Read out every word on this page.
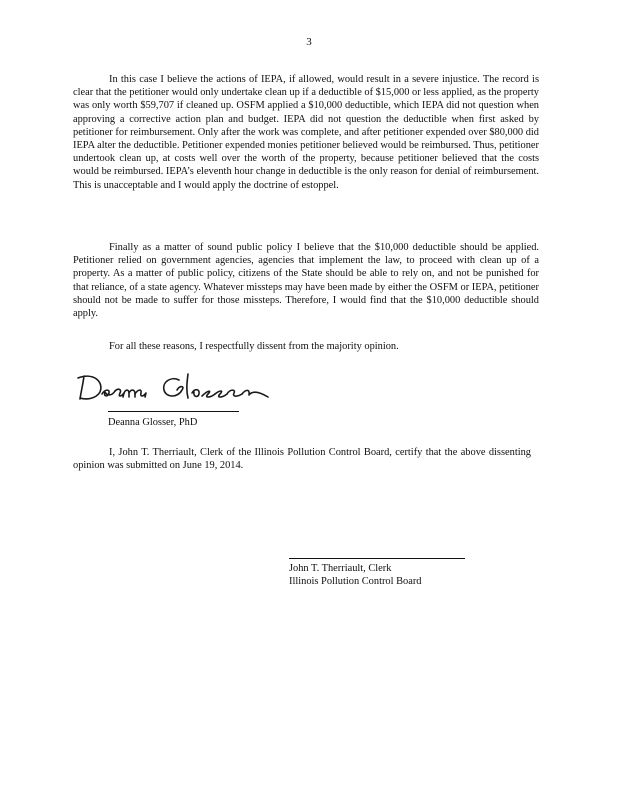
3

In this case I believe the actions of IEPA, if allowed, would result in a severe injustice. The record is clear that the petitioner would only undertake clean up if a deductible of $15,000 or less applied, as the property was only worth $59,707 if cleaned up. OSFM applied a $10,000 deductible, which IEPA did not question when approving a corrective action plan and budget. IEPA did not question the deductible when first asked by petitioner for reimbursement. Only after the work was complete, and after petitioner expended over $80,000 did IEPA alter the deductible. Petitioner expended monies petitioner believed would be reimbursed. Thus, petitioner undertook clean up, at costs well over the worth of the property, because petitioner believed that the costs would be reimbursed. IEPA’s eleventh hour change in deductible is the only reason for denial of reimbursement. This is unacceptable and I would apply the doctrine of estoppel.

Finally as a matter of sound public policy I believe that the $10,000 deductible should be applied. Petitioner relied on government agencies, agencies that implement the law, to proceed with clean up of a property. As a matter of public policy, citizens of the State should be able to rely on, and not be punished for that reliance, of a state agency. Whatever missteps may have been made by either the OSFM or IEPA, petitioner should not be made to suffer for those missteps. Therefore, I would find that the $10,000 deductible should apply.

For all these reasons, I respectfully dissent from the majority opinion.

Deanna Glosser, PhD

I, John T. Therriault, Clerk of the Illinois Pollution Control Board, certify that the above dissenting opinion was submitted on June 19, 2014.

John T. Therriault, Clerk
Illinois Pollution Control Board
